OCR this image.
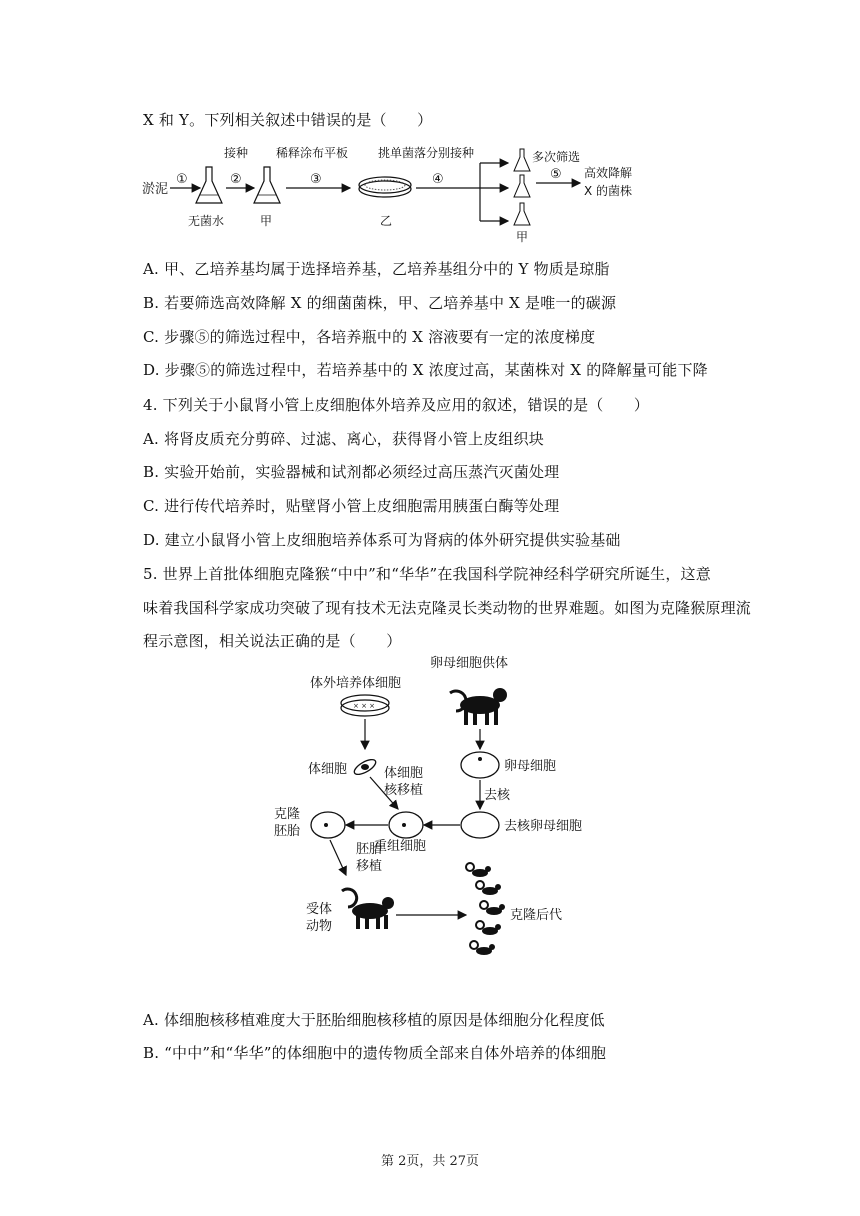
X 和 Y。下列相关叙述中错误的是（　　）
淤泥
①
无菌水
②
接种
甲
③
稀释涂布平板
乙
④
挑单菌落分别接种
甲
多次筛选
⑤ 高效降解
X 的菌株
A. 甲、乙培养基均属于选择培养基，乙培养基组分中的 Y 物质是琼脂
B. 若要筛选高效降解 X 的细菌菌株，甲、乙培养基中 X 是唯一的碳源
C. 步骤⑤的筛选过程中，各培养瓶中的 X 溶液要有一定的浓度梯度
D. 步骤⑤的筛选过程中，若培养基中的 X 浓度过高，某菌株对 X 的降解量可能下降
4. 下列关于小鼠肾小管上皮细胞体外培养及应用的叙述，错误的是（　　）
A. 将肾皮质充分剪碎、过滤、离心，获得肾小管上皮组织块
B. 实验开始前，实验器械和试剂都必须经过高压蒸汽灭菌处理
C. 进行传代培养时，贴壁肾小管上皮细胞需用胰蛋白酶等处理
D. 建立小鼠肾小管上皮细胞培养体系可为肾病的体外研究提供实验基础
5. 世界上首批体细胞克隆猴“中中”和“华华”在我国科学院神经科学研究所诞生，这意
味着我国科学家成功突破了现有技术无法克隆灵长类动物的世界难题。如图为克隆猴原理流
程示意图，相关说法正确的是（　　）
体外培养体细胞
× × ×
体细胞	体细胞
核移植
卵母细胞供体
卵母细胞
去核
去核卵母细胞
重组细胞
克隆
胚胎
胚胎
移植
受体
动物
克隆后代
A. 体细胞核移植难度大于胚胎细胞核移植的原因是体细胞分化程度低
B. “中中”和“华华”的体细胞中的遗传物质全部来自体外培养的体细胞
第 2页，共 27页
